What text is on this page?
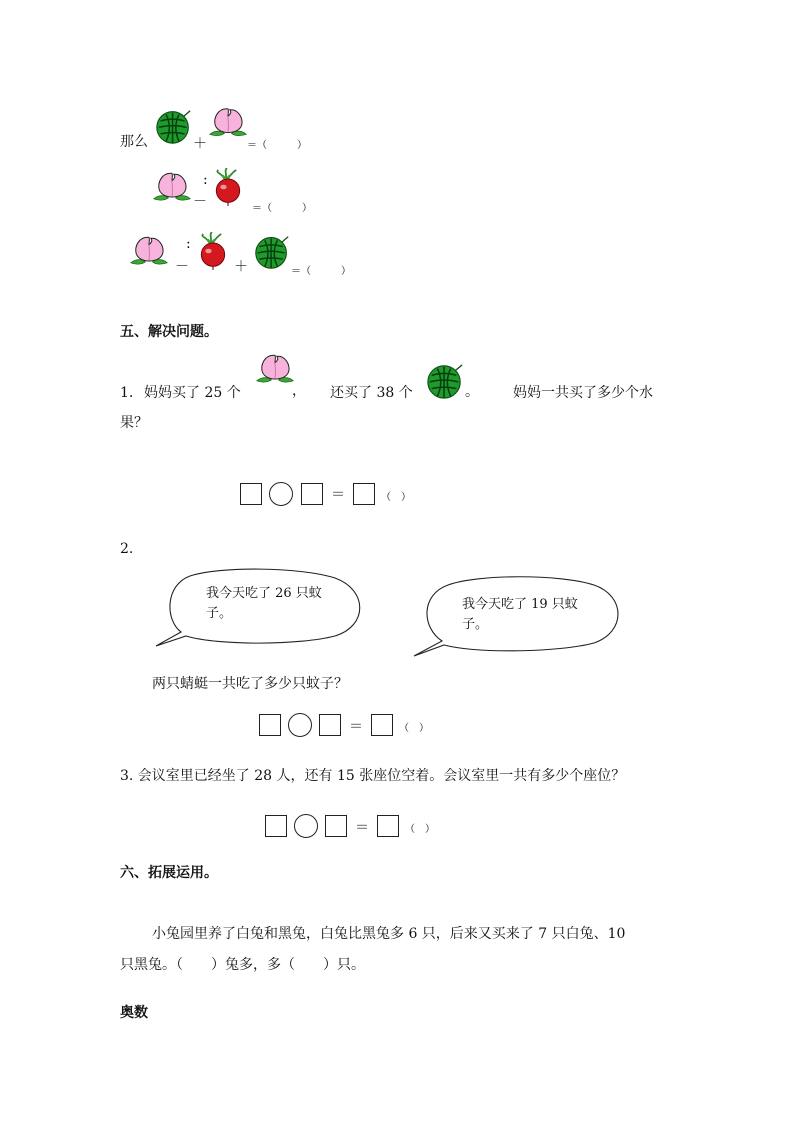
那么	＋	＝（　　　）
:
－	＝（　　　）
:
－	＋	＝（　　　）
五、解决问题。
1. 妈妈买了 25 个	， 还买了 38 个	。 妈妈一共买了多少个水
果？
＝	（　）
2.
我今天吃了 26 只蚊
子。
我今天吃了 19 只蚊
子。
两只蜻蜓一共吃了多少只蚊子？
＝	（　）
3. 会议室里已经坐了 28 人，还有 15 张座位空着。会议室里一共有多少个座位？
＝	（　）
六、拓展运用。
小兔园里养了白兔和黑兔，白兔比黑兔多 6 只，后来又买来了 7 只白兔、10
只黑兔。（　　）兔多，多（　　）只。
奥数
